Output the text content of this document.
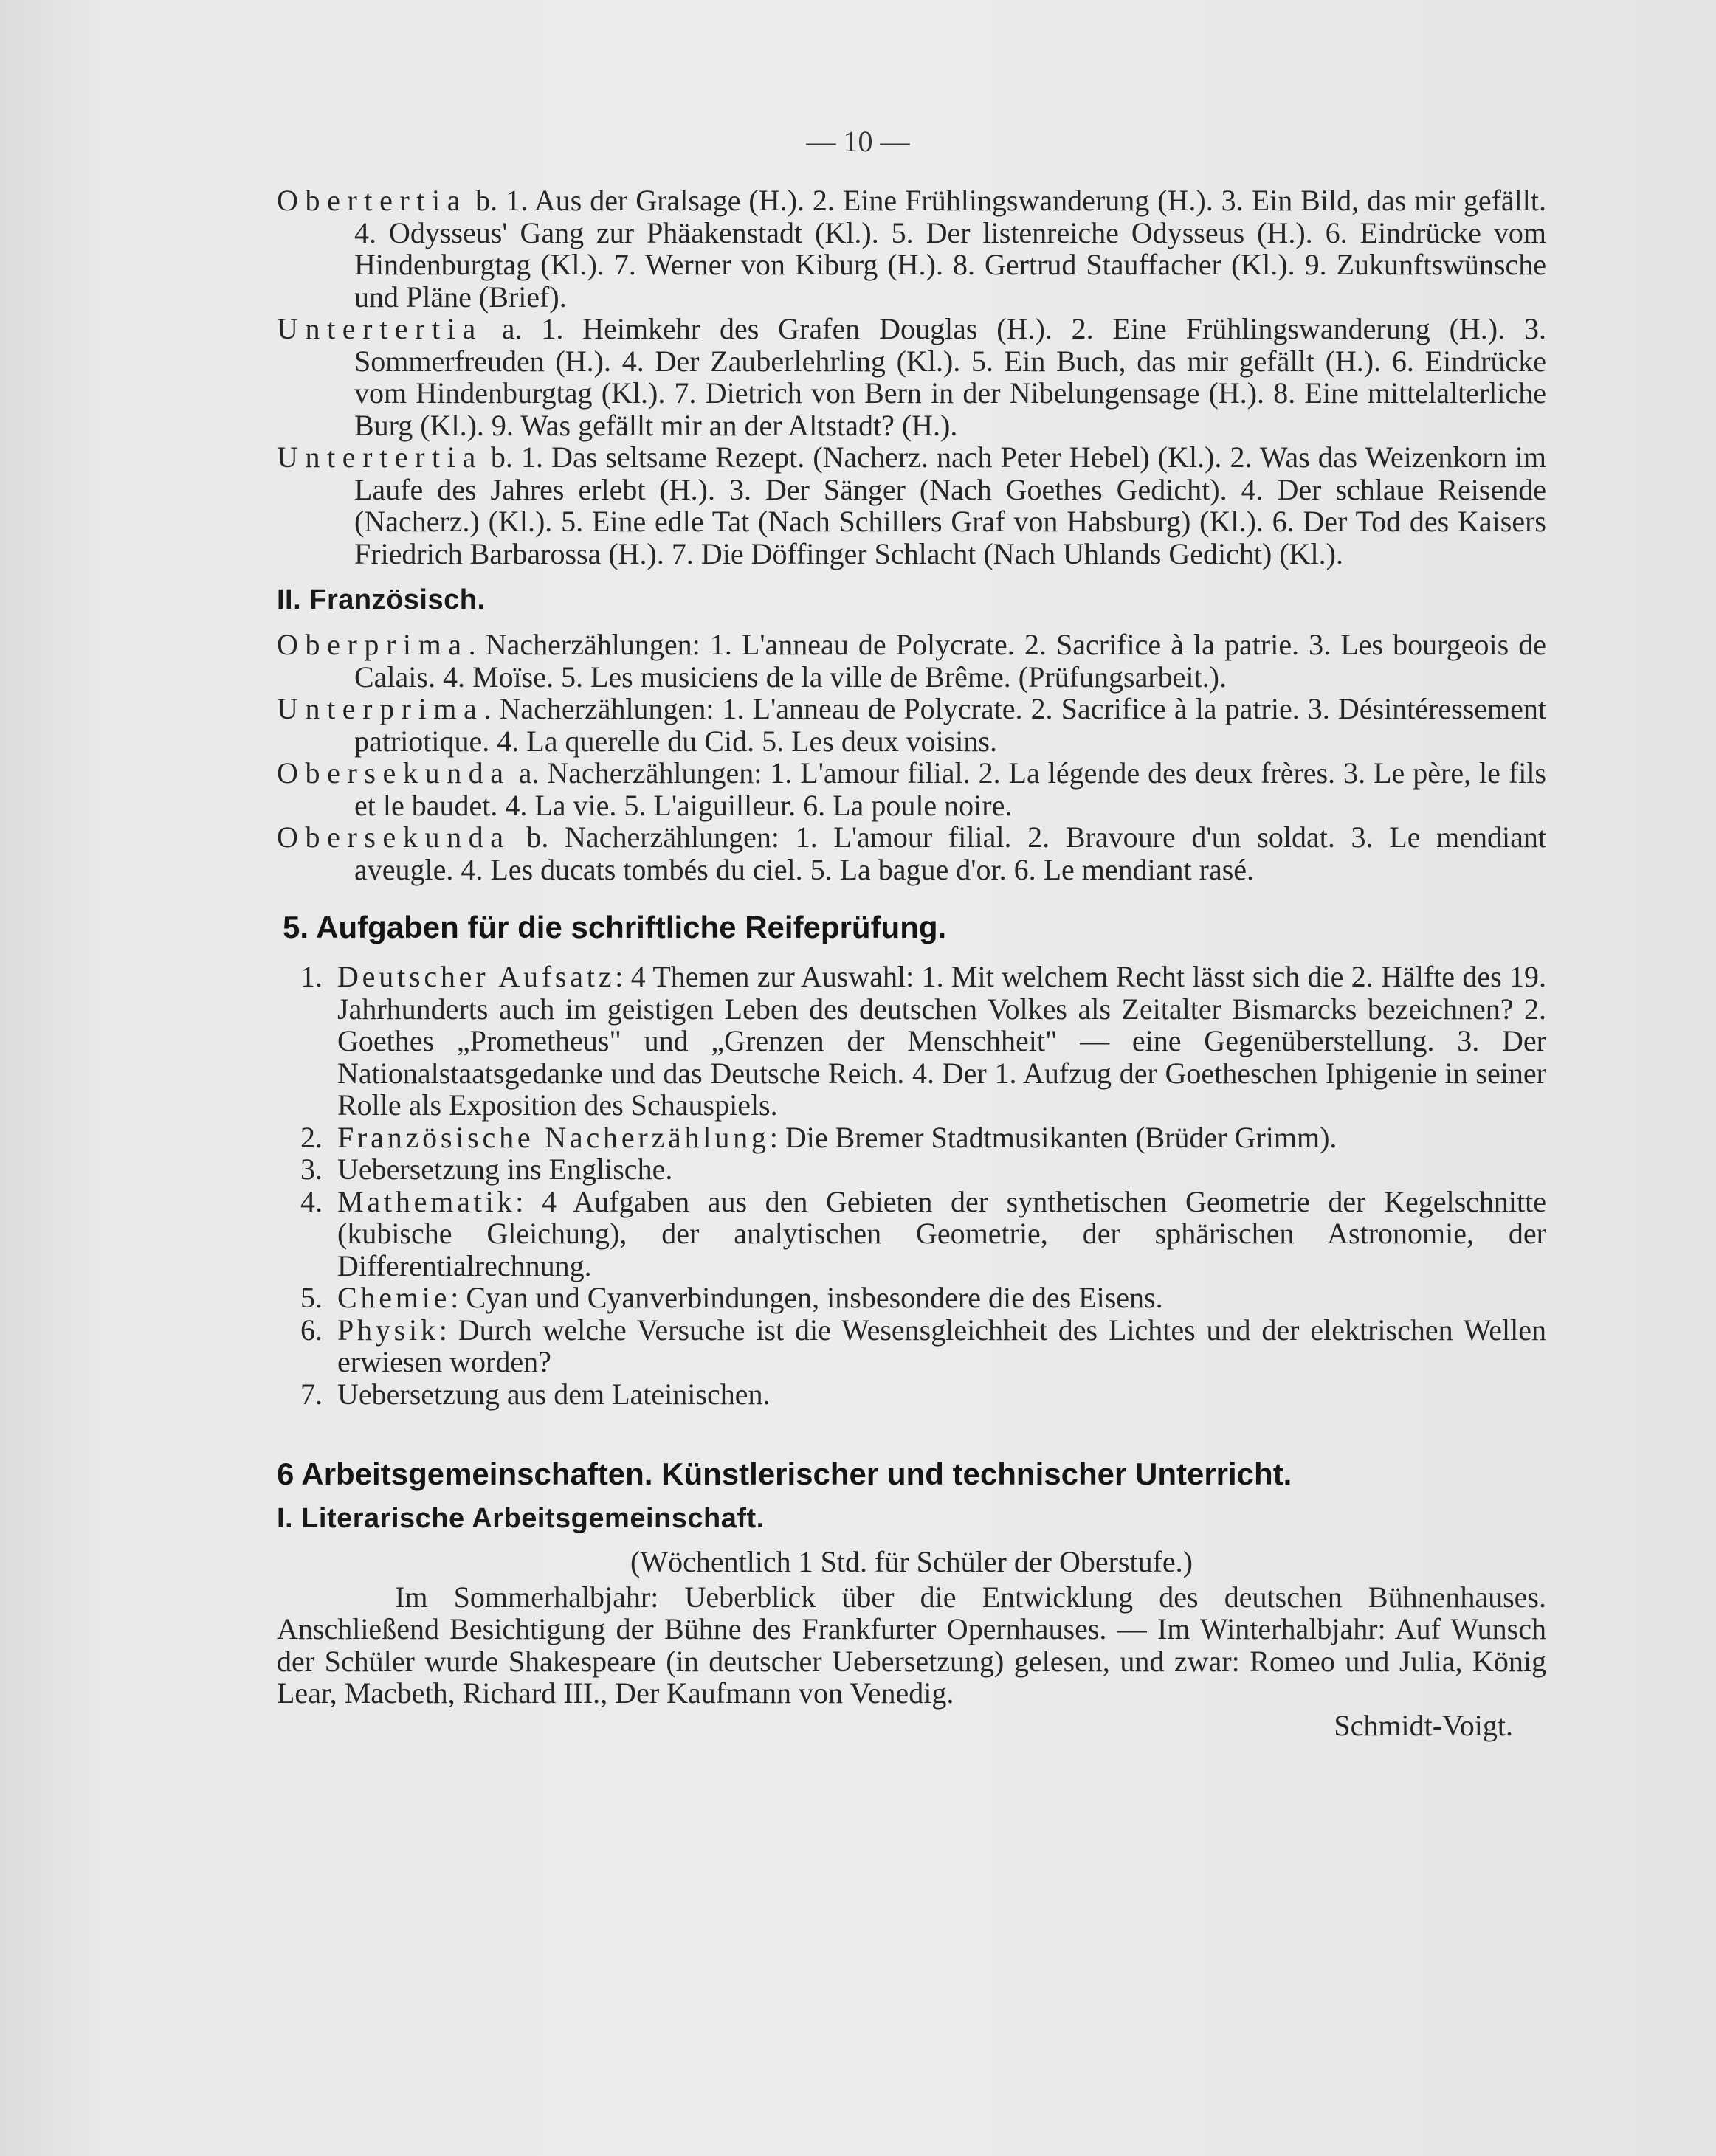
— 10 —

Obertertia b. 1. Aus der Gralsage (H.). 2. Eine Frühlingswanderung (H.). 3. Ein Bild, das mir gefällt. 4. Odysseus' Gang zur Phäakenstadt (Kl.). 5. Der listenreiche Odysseus (H.). 6. Eindrücke vom Hindenburgtag (Kl.). 7. Werner von Kiburg (H.). 8. Gertrud Stauffacher (Kl.). 9. Zukunftswünsche und Pläne (Brief).

Untertertia a. 1. Heimkehr des Grafen Douglas (H.). 2. Eine Frühlingswanderung (H.). 3. Sommerfreuden (H.). 4. Der Zauberlehrling (Kl.). 5. Ein Buch, das mir gefällt (H.). 6. Eindrücke vom Hindenburgtag (Kl.). 7. Dietrich von Bern in der Nibelungensage (H.). 8. Eine mittelalterliche Burg (Kl.). 9. Was gefällt mir an der Altstadt? (H.).

Untertertia b. 1. Das seltsame Rezept. (Nacherz. nach Peter Hebel) (Kl.). 2. Was das Weizenkorn im Laufe des Jahres erlebt (H.). 3. Der Sänger (Nach Goethes Gedicht). 4. Der schlaue Reisende (Nacherz.) (Kl.). 5. Eine edle Tat (Nach Schillers Graf von Habsburg) (Kl.). 6. Der Tod des Kaisers Friedrich Barbarossa (H.). 7. Die Döffinger Schlacht (Nach Uhlands Gedicht) (Kl.).

II. Französisch.

Oberprima. Nacherzählungen: 1. L'anneau de Polycrate. 2. Sacrifice à la patrie. 3. Les bourgeois de Calais. 4. Moïse. 5. Les musiciens de la ville de Brême. (Prüfungsarbeit.).

Unterprima. Nacherzählungen: 1. L'anneau de Polycrate. 2. Sacrifice à la patrie. 3. Désintéressement patriotique. 4. La querelle du Cid. 5. Les deux voisins.

Obersekunda a. Nacherzählungen: 1. L'amour filial. 2. La légende des deux frères. 3. Le père, le fils et le baudet. 4. La vie. 5. L'aiguilleur. 6. La poule noire.

Obersekunda b. Nacherzählungen: 1. L'amour filial. 2. Bravoure d'un soldat. 3. Le mendiant aveugle. 4. Les ducats tombés du ciel. 5. La bague d'or. 6. Le mendiant rasé.

5. Aufgaben für die schriftliche Reifeprüfung.
1. Deutscher Aufsatz: 4 Themen zur Auswahl: 1. Mit welchem Recht lässt sich die 2. Hälfte des 19. Jahrhunderts auch im geistigen Leben des deutschen Volkes als Zeitalter Bismarcks bezeichnen? 2. Goethes „Prometheus" und „Grenzen der Menschheit" — eine Gegenüberstellung. 3. Der Nationalstaatsgedanke und das Deutsche Reich. 4. Der 1. Aufzug der Goetheschen Iphigenie in seiner Rolle als Exposition des Schauspiels.
2. Französische Nacherzählung: Die Bremer Stadtmusikanten (Brüder Grimm).
3. Uebersetzung ins Englische.
4. Mathematik: 4 Aufgaben aus den Gebieten der synthetischen Geometrie der Kegelschnitte (kubische Gleichung), der analytischen Geometrie, der sphärischen Astronomie, der Differentialrechnung.
5. Chemie: Cyan und Cyanverbindungen, insbesondere die des Eisens.
6. Physik: Durch welche Versuche ist die Wesensgleichheit des Lichtes und der elektrischen Wellen erwiesen worden?
7. Uebersetzung aus dem Lateinischen.
6 Arbeitsgemeinschaften. Künstlerischer und technischer Unterricht.
I. Literarische Arbeitsgemeinschaft.
(Wöchentlich 1 Std. für Schüler der Oberstufe.)

Im Sommerhalbjahr: Ueberblick über die Entwicklung des deutschen Bühnenhauses. Anschließend Besichtigung der Bühne des Frankfurter Opernhauses. — Im Winterhalbjahr: Auf Wunsch der Schüler wurde Shakespeare (in deutscher Uebersetzung) gelesen, und zwar: Romeo und Julia, König Lear, Macbeth, Richard III., Der Kaufmann von Venedig.

Schmidt-Voigt.
